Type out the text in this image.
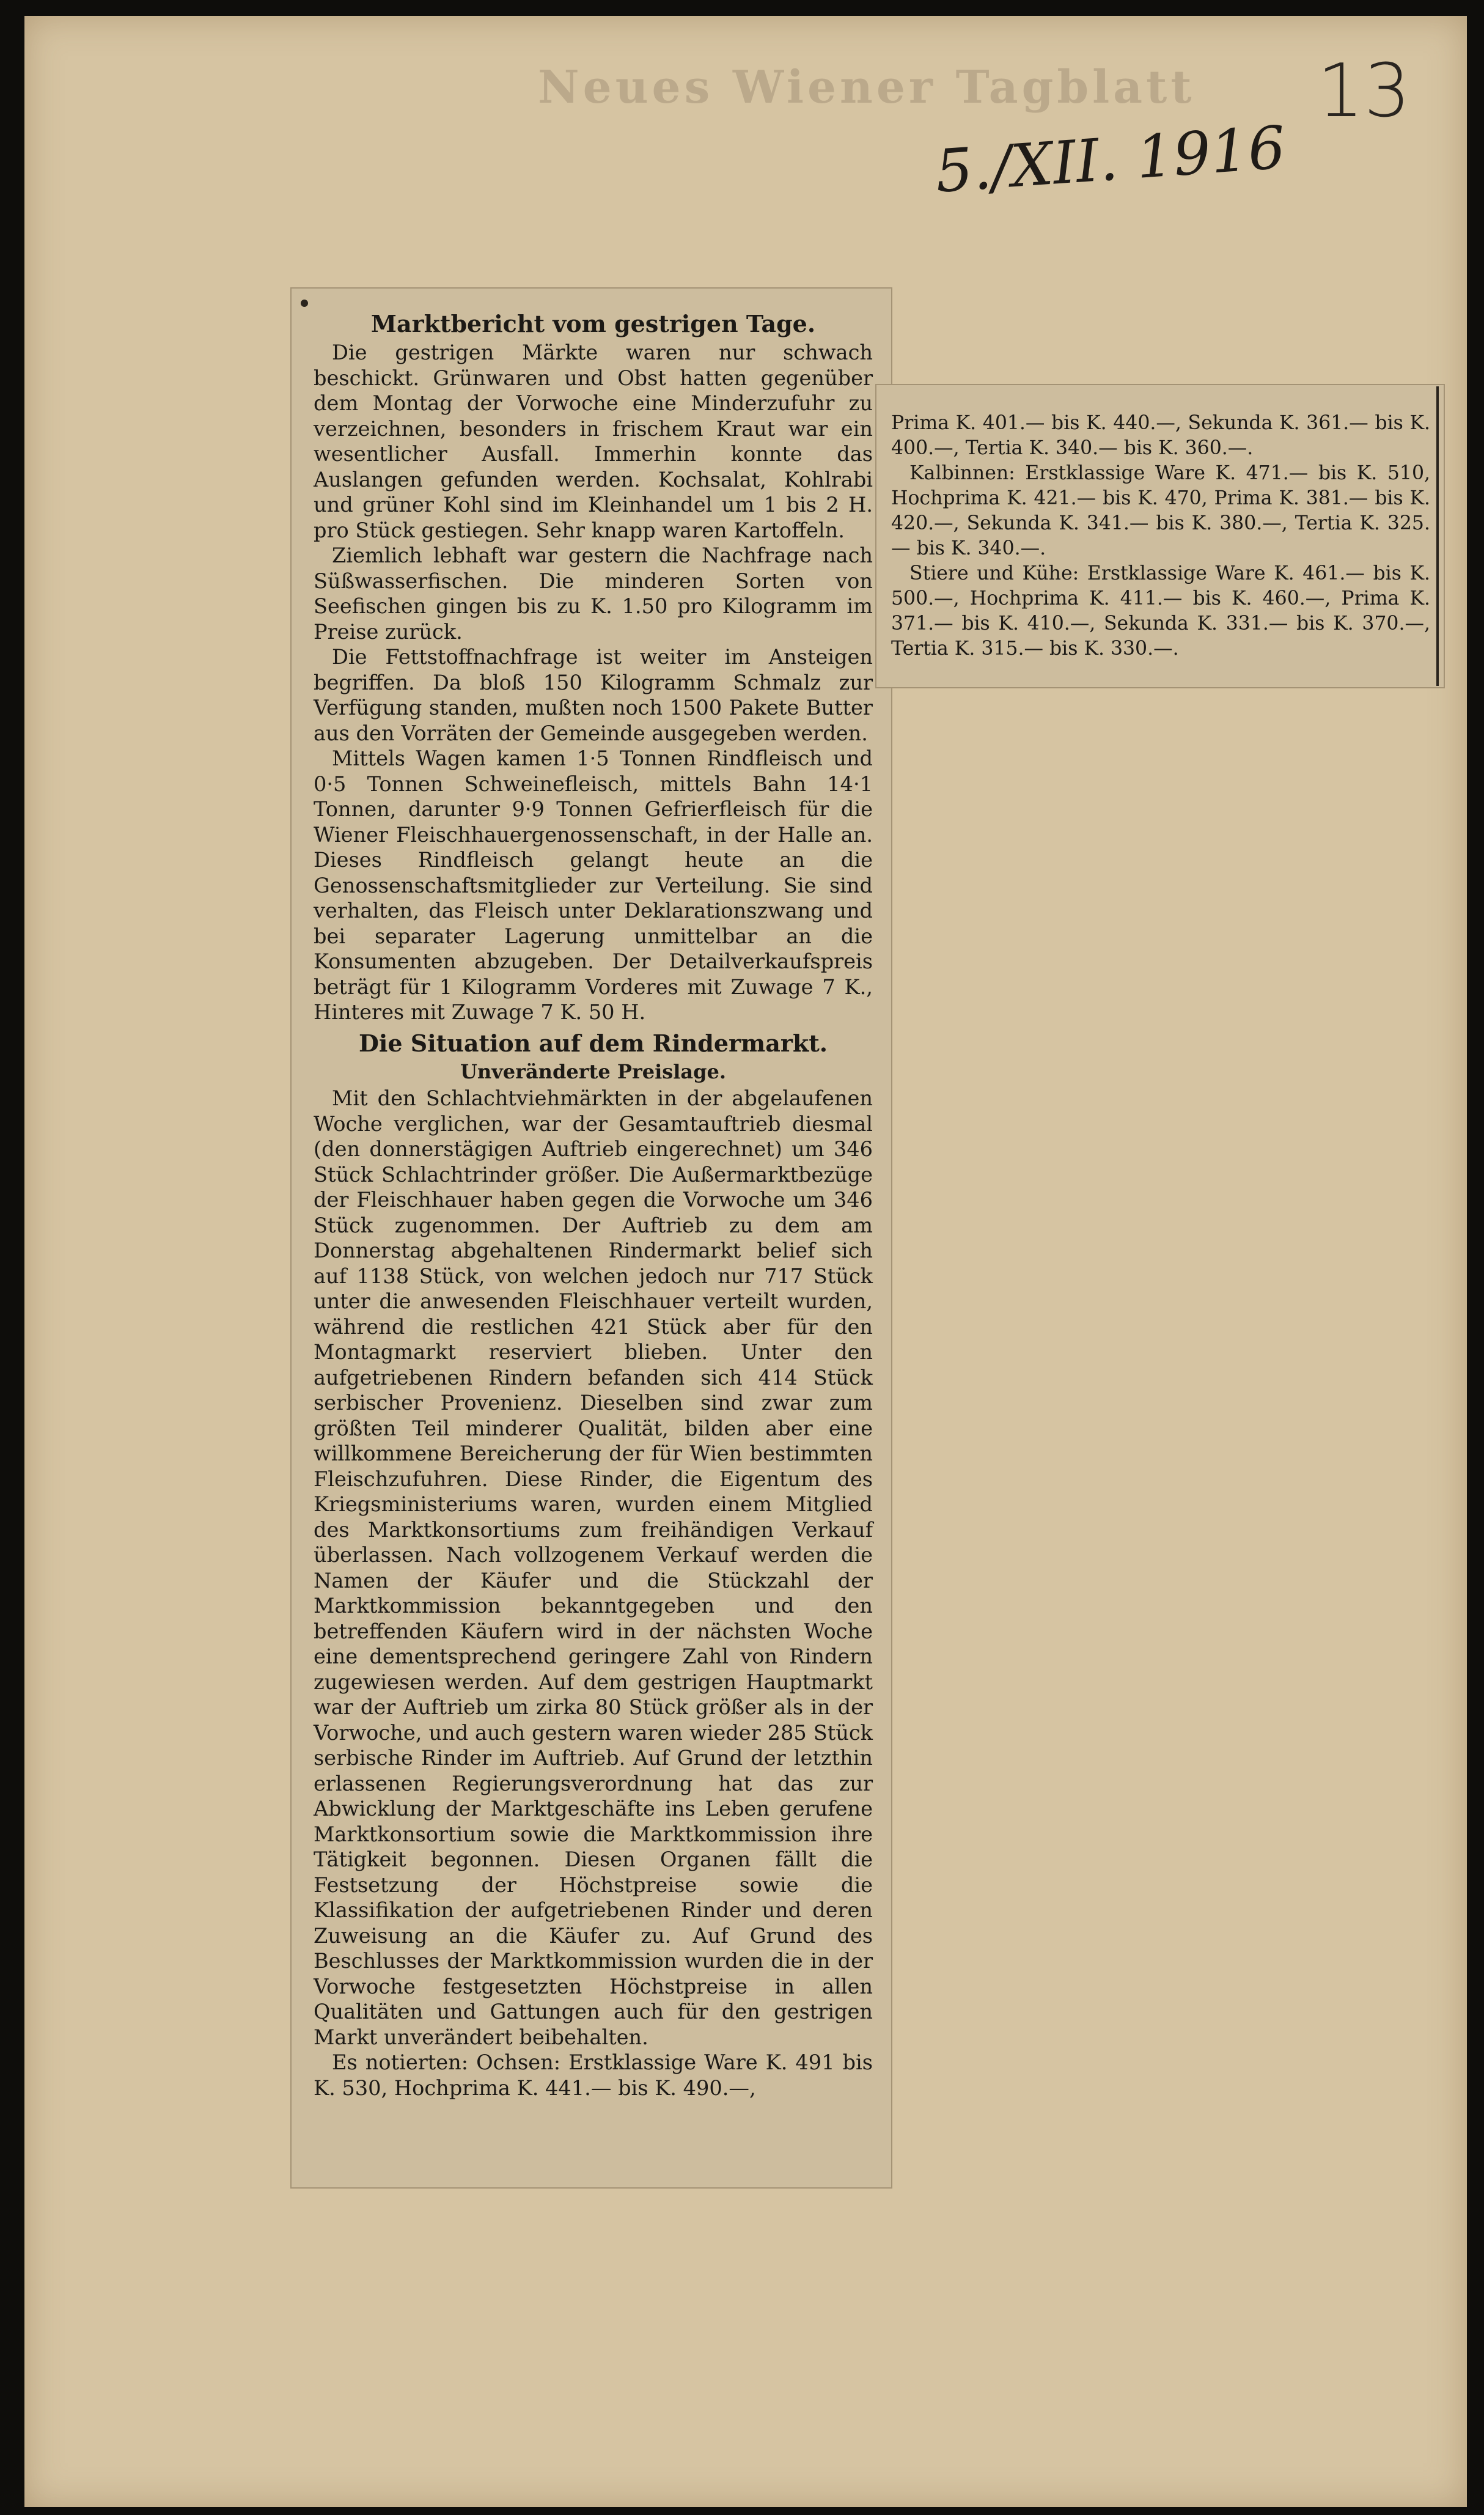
Neues Wiener Tagblatt
5./XII. 1916
13
Marktbericht vom gestrigen Tage.

Die gestrigen Märkte waren nur schwach beschickt. Grünwaren und Obst hatten gegenüber dem Montag der Vorwoche eine Minderzufuhr zu verzeichnen, besonders in frischem Kraut war ein wesentlicher Ausfall. Immerhin konnte das Auslangen gefunden werden. Kochsalat, Kohlrabi und grüner Kohl sind im Kleinhandel um 1 bis 2 H. pro Stück gestiegen. Sehr knapp waren Kartoffeln.

Ziemlich lebhaft war gestern die Nachfrage nach Süßwasserfischen. Die minderen Sorten von Seefischen gingen bis zu K. 1.50 pro Kilogramm im Preise zurück.

Die Fettstoffnachfrage ist weiter im Ansteigen begriffen. Da bloß 150 Kilogramm Schmalz zur Verfügung standen, mußten noch 1500 Pakete Butter aus den Vorräten der Gemeinde ausgegeben werden.

Mittels Wagen kamen 1·5 Tonnen Rindfleisch und 0·5 Tonnen Schweinefleisch, mittels Bahn 14·1 Tonnen, darunter 9·9 Tonnen Gefrierfleisch für die Wiener Fleischhauergenossenschaft, in der Halle an. Dieses Rindfleisch gelangt heute an die Genossenschaftsmitglieder zur Verteilung. Sie sind verhalten, das Fleisch unter Deklarationszwang und bei separater Lagerung unmittelbar an die Konsumenten abzugeben. Der Detailverkaufspreis beträgt für 1 Kilogramm Vorderes mit Zuwage 7 K., Hinteres mit Zuwage 7 K. 50 H.

Die Situation auf dem Rindermarkt.
Unveränderte Preislage.

Mit den Schlachtviehmärkten in der abgelaufenen Woche verglichen, war der Gesamtauftrieb diesmal (den donnerstägigen Auftrieb eingerechnet) um 346 Stück Schlachtrinder größer. Die Außermarktbezüge der Fleischhauer haben gegen die Vorwoche um 346 Stück zugenommen. Der Auftrieb zu dem am Donnerstag abgehaltenen Rindermarkt belief sich auf 1138 Stück, von welchen jedoch nur 717 Stück unter die anwesenden Fleischhauer verteilt wurden, während die restlichen 421 Stück aber für den Montagmarkt reserviert blieben. Unter den aufgetriebenen Rindern befanden sich 414 Stück serbischer Provenienz. Dieselben sind zwar zum größten Teil minderer Qualität, bilden aber eine willkommene Bereicherung der für Wien bestimmten Fleischzufuhren. Diese Rinder, die Eigentum des Kriegsministeriums waren, wurden einem Mitglied des Marktkonsortiums zum freihändigen Verkauf überlassen. Nach vollzogenem Verkauf werden die Namen der Käufer und die Stückzahl der Marktkommission bekanntgegeben und den betreffenden Käufern wird in der nächsten Woche eine dementsprechend geringere Zahl von Rindern zugewiesen werden. Auf dem gestrigen Hauptmarkt war der Auftrieb um zirka 80 Stück größer als in der Vorwoche, und auch gestern waren wieder 285 Stück serbische Rinder im Auftrieb. Auf Grund der letzthin erlassenen Regierungsverordnung hat das zur Abwicklung der Marktgeschäfte ins Leben gerufene Marktkonsortium sowie die Marktkommission ihre Tätigkeit begonnen. Diesen Organen fällt die Festsetzung der Höchstpreise sowie die Klassifikation der aufgetriebenen Rinder und deren Zuweisung an die Käufer zu. Auf Grund des Beschlusses der Marktkommission wurden die in der Vorwoche festgesetzten Höchstpreise in allen Qualitäten und Gattungen auch für den gestrigen Markt unverändert beibehalten.

Es notierten: Ochsen: Erstklassige Ware K. 491 bis K. 530, Hochprima K. 441.— bis K. 490.—,

Prima K. 401.— bis K. 440.—, Sekunda K. 361.— bis K. 400.—, Tertia K. 340.— bis K. 360.—.

Kalbinnen: Erstklassige Ware K. 471.— bis K. 510, Hochprima K. 421.— bis K. 470, Prima K. 381.— bis K. 420.—, Sekunda K. 341.— bis K. 380.—, Tertia K. 325.— bis K. 340.—.

Stiere und Kühe: Erstklassige Ware K. 461.— bis K. 500.—, Hochprima K. 411.— bis K. 460.—, Prima K. 371.— bis K. 410.—, Sekunda K. 331.— bis K. 370.—, Tertia K. 315.— bis K. 330.—.
